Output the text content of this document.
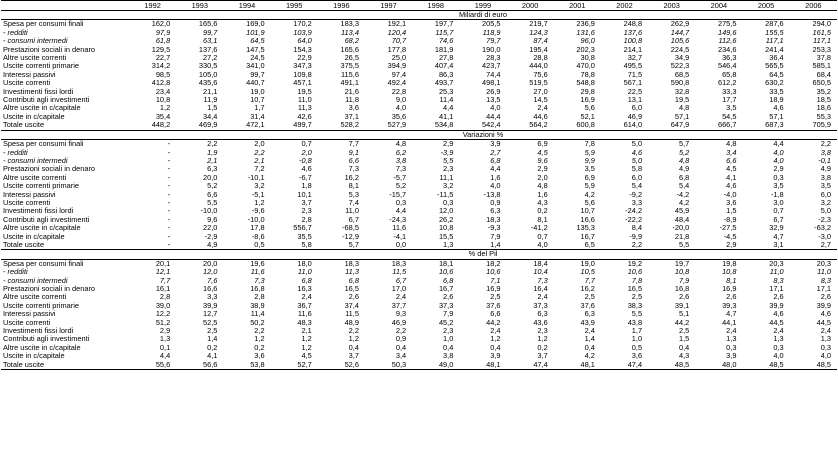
	1992	1993	1994	1995	1996	1997	1998	1999	2000	2001	2002	2003	2004	2005	2006
	Miliardi di euro														
Spesa per consumi finali	162,0	165,6	169,0	170,2	183,3	192,1	197,7	205,5	219,7	236,9	248,8	262,9	275,5	287,6	294,0
- redditi	97,9	99,7	101,9	103,9	113,4	120,4	115,7	118,9	124,3	131,6	137,6	144,7	149,6	155,5	161,5
- consumi intermedi	61,8	63,1	64,5	64,0	68,2	70,7	74,6	79,7	87,4	96,0	100,8	105,6	112,6	117,1	117,1
Prestazioni sociali in denaro	129,5	137,6	147,5	154,3	165,6	177,8	181,9	190,0	195,4	202,3	214,1	224,5	234,6	241,4	253,3
Altre uscite correnti	22,7	27,2	24,5	22,9	26,5	25,0	27,8	28,3	28,8	30,8	32,7	34,9	36,3	36,4	37,8
Uscite correnti primarie	314,2	330,5	341,0	347,3	375,5	394,9	407,4	423,7	444,0	470,0	495,5	522,3	546,4	565,5	585,1
Interessi passivi	98,5	105,0	99,7	109,8	115,6	97,4	86,3	74,4	75,6	78,8	71,5	68,5	65,8	64,5	68,4
Uscite correnti	412,8	435,6	440,7	457,1	491,1	492,4	493,7	498,1	519,5	548,8	567,1	590,8	612,2	630,2	650,5
Investimenti fissi lordi	23,4	21,1	19,0	19,5	21,6	22,8	25,3	26,9	27,0	29,8	22,5	32,8	33,3	33,5	35,2
Contributi agli investimenti	10,8	11,9	10,7	11,0	11,8	9,0	11,4	13,5	14,5	16,9	13,1	19,5	17,7	18,9	18,5
Altre uscite in c/capitale	1,2	1,5	1,7	11,3	3,6	4,0	4,4	4,0	2,4	5,6	6,0	4,8	3,5	4,6	18,6
Uscite in c/capitale	35,4	34,4	31,4	42,6	37,1	35,6	41,1	44,4	44,6	52,1	46,9	57,1	54,5	57,1	55,3
Totale uscite	448,2	469,9	472,1	499,7	528,2	527,9	534,8	542,4	564,2	600,8	614,0	647,9	666,7	687,3	705,9
	Variazioni %														
Spesa per consumi finali	-	2,2	2,0	0,7	7,7	4,8	2,9	3,9	6,9	7,8	5,0	5,7	4,8	4,4	2,2
- redditi	-	1,9	2,2	2,0	9,1	6,2	-3,9	2,7	4,5	5,9	4,6	5,2	3,4	4,0	3,8
- consumi intermedi	-	2,1	2,1	-0,8	6,6	3,8	5,5	6,8	9,6	9,9	5,0	4,8	6,6	4,0	-0,1
Prestazioni sociali in denaro	-	6,3	7,2	4,6	7,3	7,3	2,3	4,4	2,9	3,5	5,8	4,9	4,5	2,9	4,9
Altre uscite correnti	-	20,0	-10,1	-6,7	16,2	-5,7	11,1	1,6	2,0	6,9	6,0	6,8	4,1	0,3	3,8
Uscite correnti primarie	-	5,2	3,2	1,8	8,1	5,2	3,2	4,0	4,8	5,9	5,4	5,4	4,6	3,5	3,5
Interessi passivi	-	6,6	-5,1	10,1	5,3	-15,7	-11,5	-13,8	1,6	4,2	-9,2	-4,2	-4,0	-1,8	6,0
Uscite correnti	-	5,5	1,2	3,7	7,4	0,3	0,3	0,9	4,3	5,6	3,3	4,2	3,6	3,0	3,2
Investimenti fissi lordi	-	-10,0	-9,6	2,3	11,0	4,4	12,0	6,3	0,2	10,7	-24,2	45,9	1,5	0,7	5,0
Contributi agli investimenti	-	9,6	-10,0	2,8	6,7	-24,3	26,2	18,3	8,1	16,6	-22,2	48,4	-8,9	6,7	-2,3
Altre uscite in c/capitale	-	22,0	17,8	556,7	-68,5	11,6	10,8	-9,3	-41,2	135,3	8,4	-20,0	-27,5	32,9	-63,2
Uscite in c/capitale	-	-2,9	-8,6	35,5	-12,9	-4,1	15,5	7,9	0,7	16,7	-9,9	21,8	-4,5	4,7	-3,0
Totale uscite	-	4,9	0,5	5,8	5,7	0,0	1,3	1,4	4,0	6,5	2,2	5,5	2,9	3,1	2,7
	% del Pil														
Spesa per consumi finali	20,1	20,0	19,6	18,0	18,3	18,3	18,1	18,2	18,4	19,0	19,2	19,7	19,8	20,3	20,3
- redditi	12,1	12,0	11,6	11,0	11,3	11,5	10,6	10,6	10,4	10,5	10,6	10,8	10,8	11,0	11,0
- consumi intermedi	7,7	7,6	7,3	6,8	6,8	6,7	6,8	7,1	7,3	7,7	7,8	7,9	8,1	8,3	8,3
Prestazioni sociali in denaro	16,1	16,6	16,8	16,3	16,5	17,0	16,7	16,9	16,4	16,2	16,5	16,8	16,9	17,1	17,1
Altre uscite correnti	2,8	3,3	2,8	2,4	2,6	2,4	2,6	2,5	2,4	2,5	2,5	2,6	2,6	2,6	2,6
Uscite correnti primarie	39,0	39,9	38,9	36,7	37,4	37,7	37,3	37,6	37,3	37,6	38,3	39,1	39,3	39,9	39,9
Interessi passivi	12,2	12,7	11,4	11,6	11,5	9,3	7,9	6,6	6,3	6,3	5,5	5,1	4,7	4,6	4,6
Uscite correnti	51,2	52,5	50,2	48,3	48,9	46,9	45,2	44,2	43,6	43,9	43,8	44,2	44,1	44,5	44,5
Investimenti fissi lordi	2,9	2,5	2,2	2,1	2,2	2,2	2,3	2,4	2,3	2,4	1,7	2,5	2,4	2,4	2,4
Contributi agli investimenti	1,3	1,4	1,2	1,2	1,2	0,9	1,0	1,2	1,2	1,4	1,0	1,5	1,3	1,3	1,3
Altre uscite in c/capitale	0,1	0,2	0,2	1,2	0,4	0,4	0,4	0,4	0,2	0,4	0,5	0,4	0,3	0,3	0,3
Uscite in c/capitale	4,4	4,1	3,6	4,5	3,7	3,4	3,8	3,9	3,7	4,2	3,6	4,3	3,9	4,0	4,0
Totale uscite	55,6	56,6	53,8	52,7	52,6	50,3	49,0	48,1	47,4	48,1	47,4	48,5	48,0	48,5	48,5
